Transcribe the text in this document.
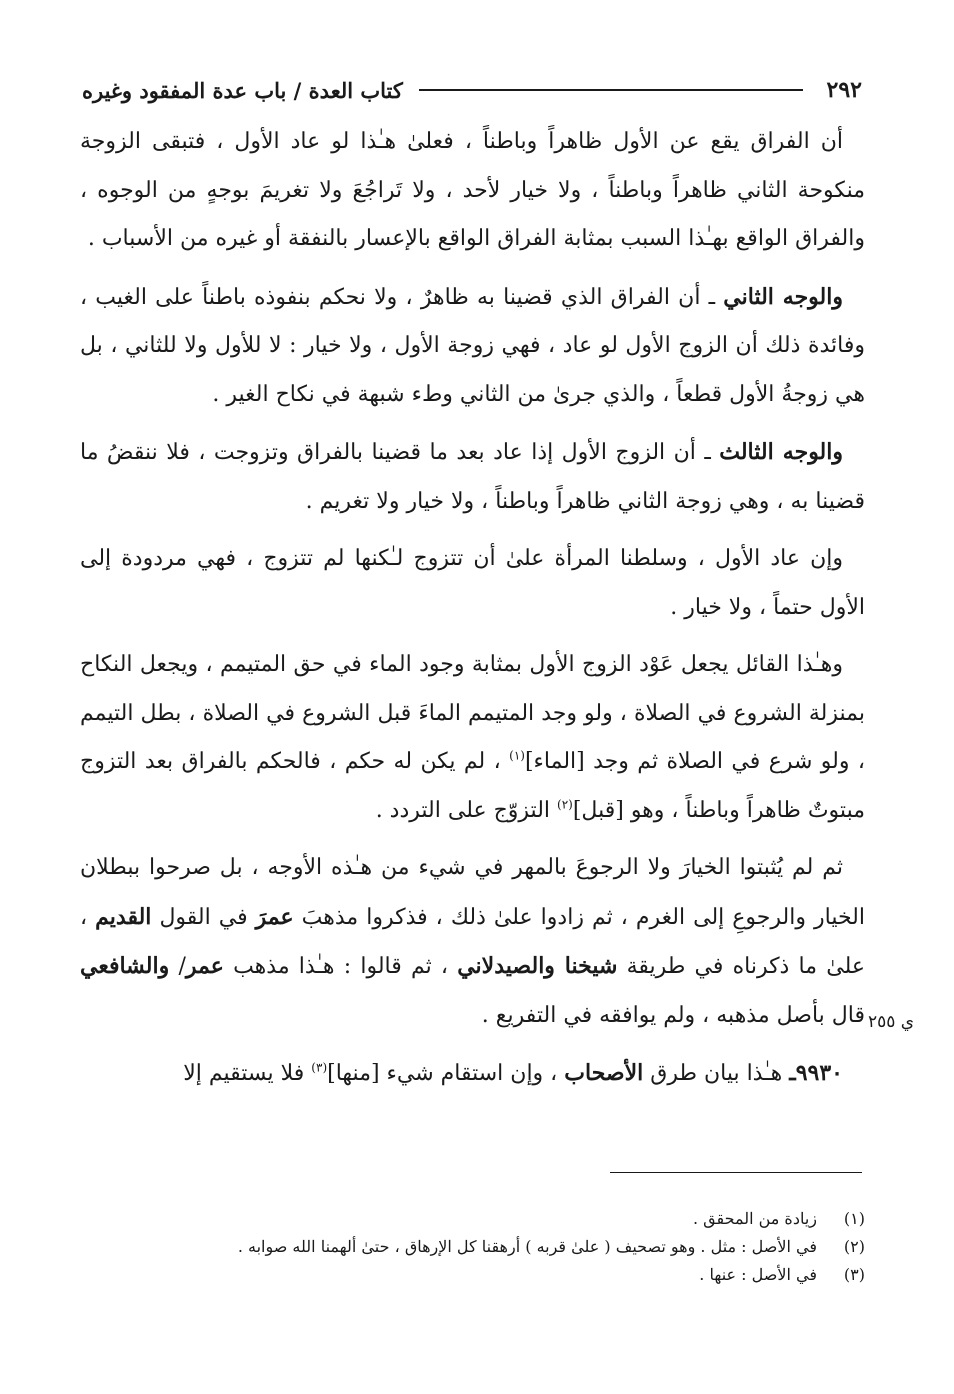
٢٩٢
كتاب العدة / باب عدة المفقود وغيره

أن الفراق يقع عن الأول ظاهراً وباطناً ، فعلىٰ هـٰذا لو عاد الأول ، فتبقى الزوجة منكوحة الثاني ظاهراً وباطناً ، ولا خيار لأحد ، ولا تَراجُعَ ولا تغريمَ بوجهٍ من الوجوه ، والفراق الواقع بهـٰذا السبب بمثابة الفراق الواقع بالإعسار بالنفقة أو غيره من الأسباب .

والوجه الثاني ـ أن الفراق الذي قضينا به ظاهرٌ ، ولا نحكم بنفوذه باطناً على الغيب ، وفائدة ذلك أن الزوج الأول لو عاد ، فهي زوجة الأول ، ولا خيار : لا للأول ولا للثاني ، بل هي زوجةُ الأول قطعاً ، والذي جرىٰ من الثاني وطء شبهة في نكاح الغير .

والوجه الثالث ـ أن الزوج الأول إذا عاد بعد ما قضينا بالفراق وتزوجت ، فلا ننقضُ ما قضينا به ، وهي زوجة الثاني ظاهراً وباطناً ، ولا خيار ولا تغريم .

وإن عاد الأول ، وسلطنا المرأة علىٰ أن تتزوج لـٰكنها لم تتزوج ، فهي مردودة إلى الأول حتماً ، ولا خيار .

وهـٰذا القائل يجعل عَوْد الزوج الأول بمثابة وجود الماء في حق المتيمم ، ويجعل النكاح بمنزلة الشروع في الصلاة ، ولو وجد المتيمم الماءَ قبل الشروع في الصلاة ، بطل التيمم ، ولو شرع في الصلاة ثم وجد [الماء]$^{(١)}$ ، لم يكن له حكم ، فالحكم بالفراق بعد التزوج مبتوتٌ ظاهراً وباطناً ، وهو [قبل]$^{(٢)}$ التزوّج على التردد .

ثم لم يُثبتوا الخيارَ ولا الرجوعَ بالمهر في شيء من هـٰذه الأوجه ، بل صرحوا ببطلان الخيار والرجوعِ إلى الغرم ، ثم زادوا علىٰ ذلك ، فذكروا مذهبَ عمرَ في القول القديم ، علىٰ ما ذكرناه في طريقة شيخنا والصيدلاني ، ثم قالوا : هـٰذا مذهب عمر/ والشافعي قال بأصل مذهبه ، ولم يوافقه في التفريع .

٩٩٣٠ـ هـٰذا بيان طرق الأصحاب ، وإن استقام شيء [منها]$^{(٣)}$ فلا يستقيم إلا

ي ٢٥٥
(١)
زيادة من المحقق .
(٢)
في الأصل : مثل . وهو تصحيف ( علىٰ قربه ) أرهقنا كل الإرهاق ، حتىٰ ألهمنا الله صوابه .
(٣)
في الأصل : عنها .
